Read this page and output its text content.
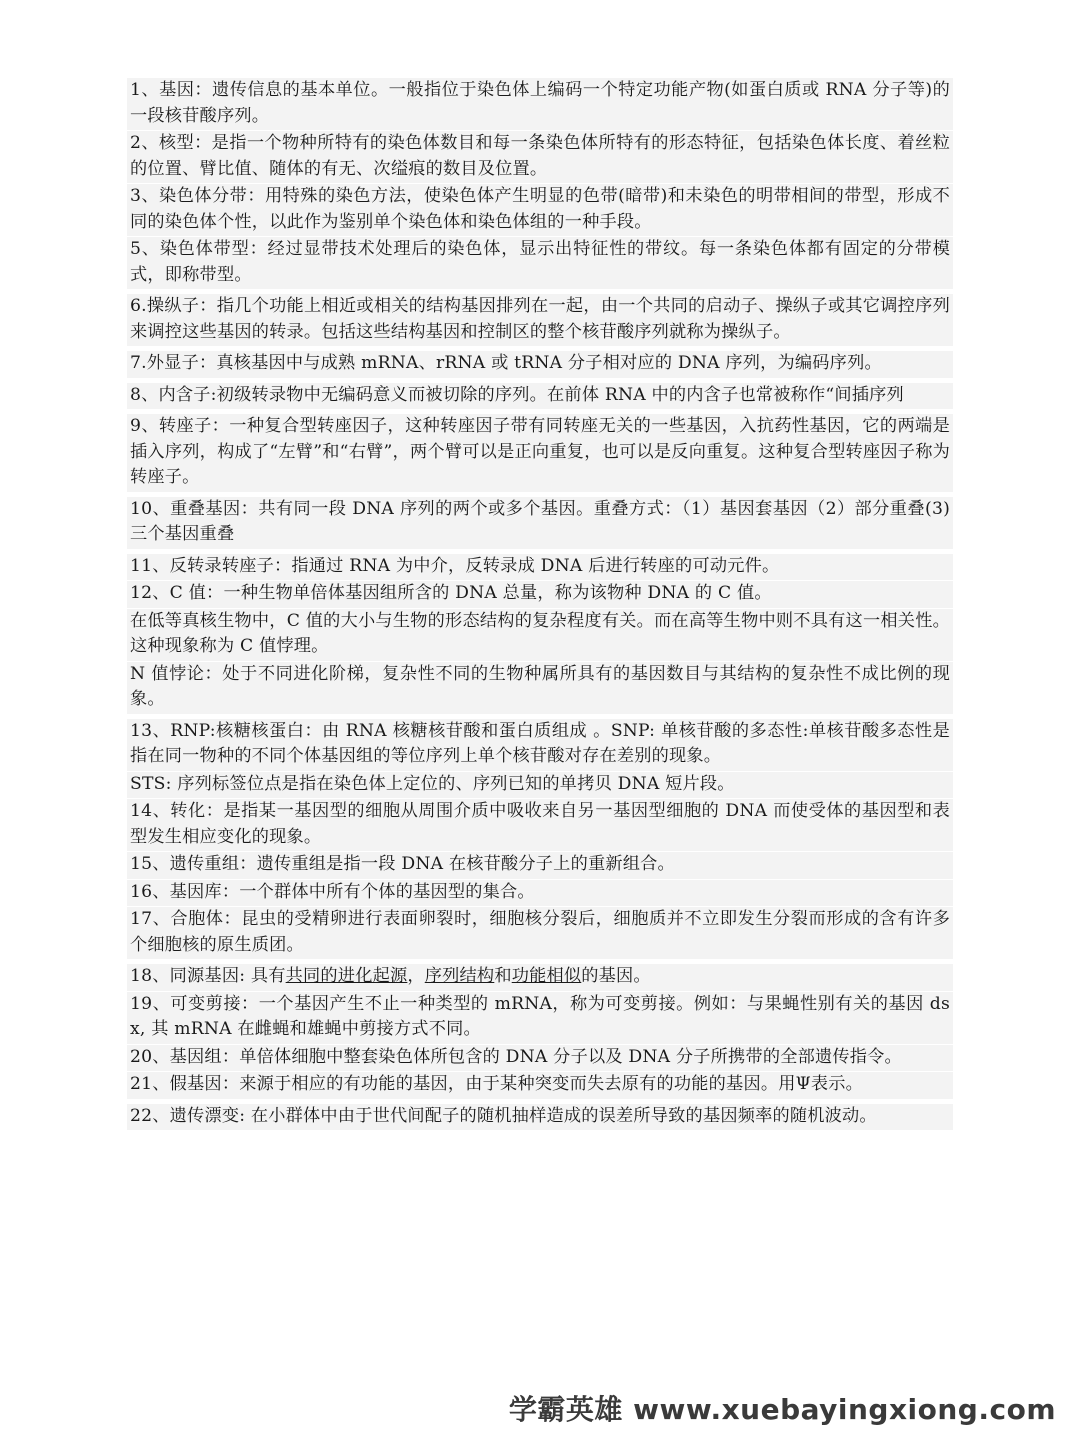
1、基因：遗传信息的基本单位。一般指位于染色体上编码一个特定功能产物(如蛋白质或 RNA 分子等)的一段核苷酸序列。

2、核型：是指一个物种所特有的染色体数目和每一条染色体所特有的形态特征，包括染色体长度、着丝粒的位置、臂比值、随体的有无、次缢痕的数目及位置。

3、染色体分带：用特殊的染色方法，使染色体产生明显的色带(暗带)和未染色的明带相间的带型，形成不同的染色体个性，以此作为鉴别单个染色体和染色体组的一种手段。

5、染色体带型：经过显带技术处理后的染色体，显示出特征性的带纹。每一条染色体都有固定的分带模式，即称带型。

6.操纵子：指几个功能上相近或相关的结构基因排列在一起，由一个共同的启动子、操纵子或其它调控序列来调控这些基因的转录。包括这些结构基因和控制区的整个核苷酸序列就称为操纵子。

7.外显子：真核基因中与成熟 mRNA、rRNA 或 tRNA 分子相对应的 DNA 序列，为编码序列。

8、内含子:初级转录物中无编码意义而被切除的序列。在前体 RNA 中的内含子也常被称作“间插序列

9、转座子：一种复合型转座因子，这种转座因子带有同转座无关的一些基因，入抗药性基因，它的两端是插入序列，构成了“左臂”和“右臂”，两个臂可以是正向重复，也可以是反向重复。这种复合型转座因子称为转座子。

10、重叠基因：共有同一段 DNA 序列的两个或多个基因。重叠方式：（1）基因套基因（2）部分重叠(3)三个基因重叠

11、反转录转座子：指通过 RNA 为中介，反转录成 DNA 后进行转座的可动元件。

12、C 值：一种生物单倍体基因组所含的 DNA 总量，称为该物种 DNA 的 C 值。

在低等真核生物中，C 值的大小与生物的形态结构的复杂程度有关。而在高等生物中则不具有这一相关性。这种现象称为 C 值悖理。

N 值悖论：处于不同进化阶梯，复杂性不同的生物种属所具有的基因数目与其结构的复杂性不成比例的现象。

13、RNP:核糖核蛋白：由 RNA 核糖核苷酸和蛋白质组成 。SNP: 单核苷酸的多态性:单核苷酸多态性是指在同一物种的不同个体基因组的等位序列上单个核苷酸对存在差别的现象。

STS: 序列标签位点是指在染色体上定位的、序列已知的单拷贝 DNA 短片段。

14、转化：是指某一基因型的细胞从周围介质中吸收来自另一基因型细胞的 DNA 而使受体的基因型和表型发生相应变化的现象。

15、遗传重组：遗传重组是指一段 DNA 在核苷酸分子上的重新组合。

16、基因库：一个群体中所有个体的基因型的集合。

17、合胞体：昆虫的受精卵进行表面卵裂时，细胞核分裂后，细胞质并不立即发生分裂而形成的含有许多个细胞核的原生质团。

18、同源基因: 具有共同的进化起源，序列结构和功能相似的基因。

19、可变剪接：一个基因产生不止一种类型的 mRNA，称为可变剪接。例如：与果蝇性别有关的基因 dsx, 其 mRNA 在雌蝇和雄蝇中剪接方式不同。

20、基因组：单倍体细胞中整套染色体所包含的 DNA 分子以及 DNA 分子所携带的全部遗传指令。

21、假基因：来源于相应的有功能的基因，由于某种突变而失去原有的功能的基因。用Ψ表示。

22、遗传漂变: 在小群体中由于世代间配子的随机抽样造成的误差所导致的基因频率的随机波动。

学霸英雄 www.xuebayingxiong.com
